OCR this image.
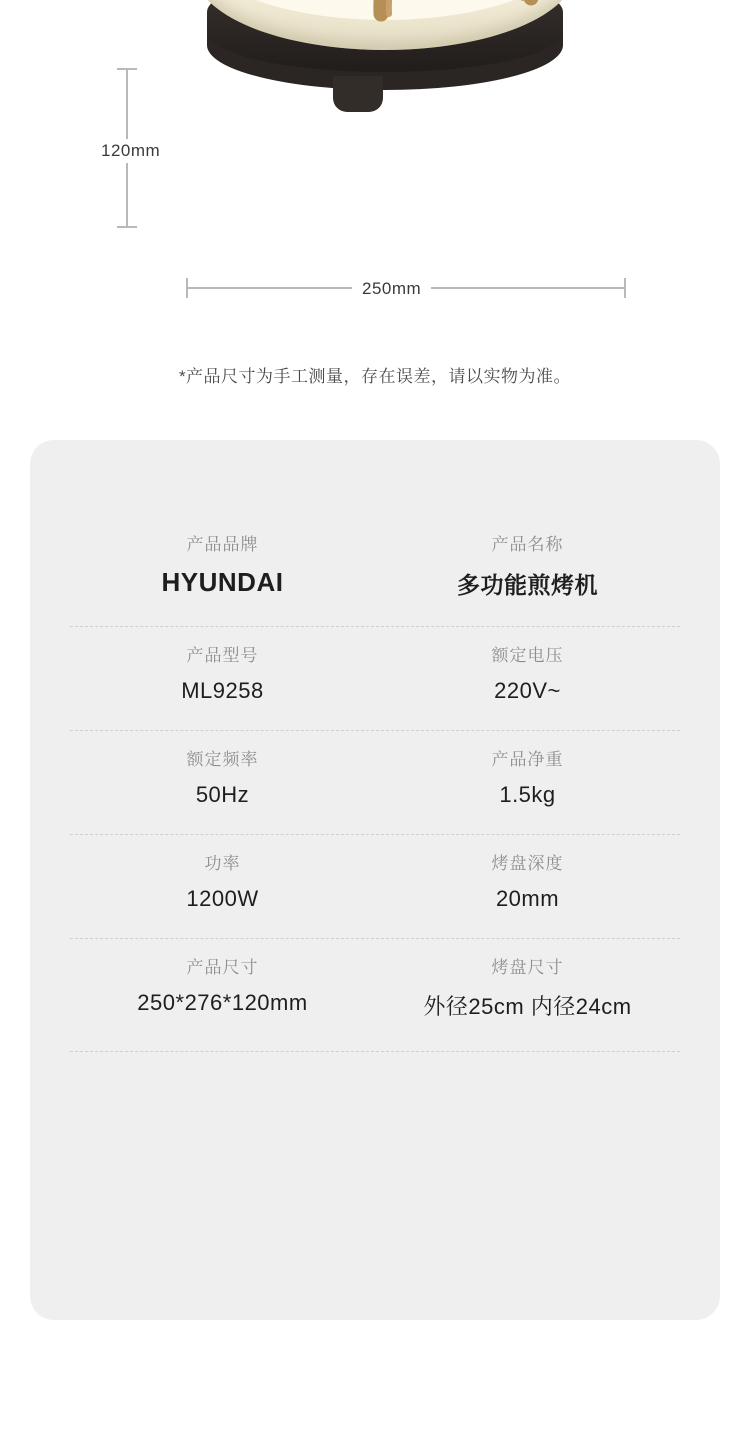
120mm
250mm
*产品尺寸为手工测量，存在误差，请以实物为准。
产品品牌
HYUNDAI
产品名称
多功能煎烤机
产品型号
ML9258
额定电压
220V~
额定频率
50Hz
产品净重
1.5kg
功率
1200W
烤盘深度
20mm
产品尺寸
250*276*120mm
烤盘尺寸
外径25cm 内径24cm
